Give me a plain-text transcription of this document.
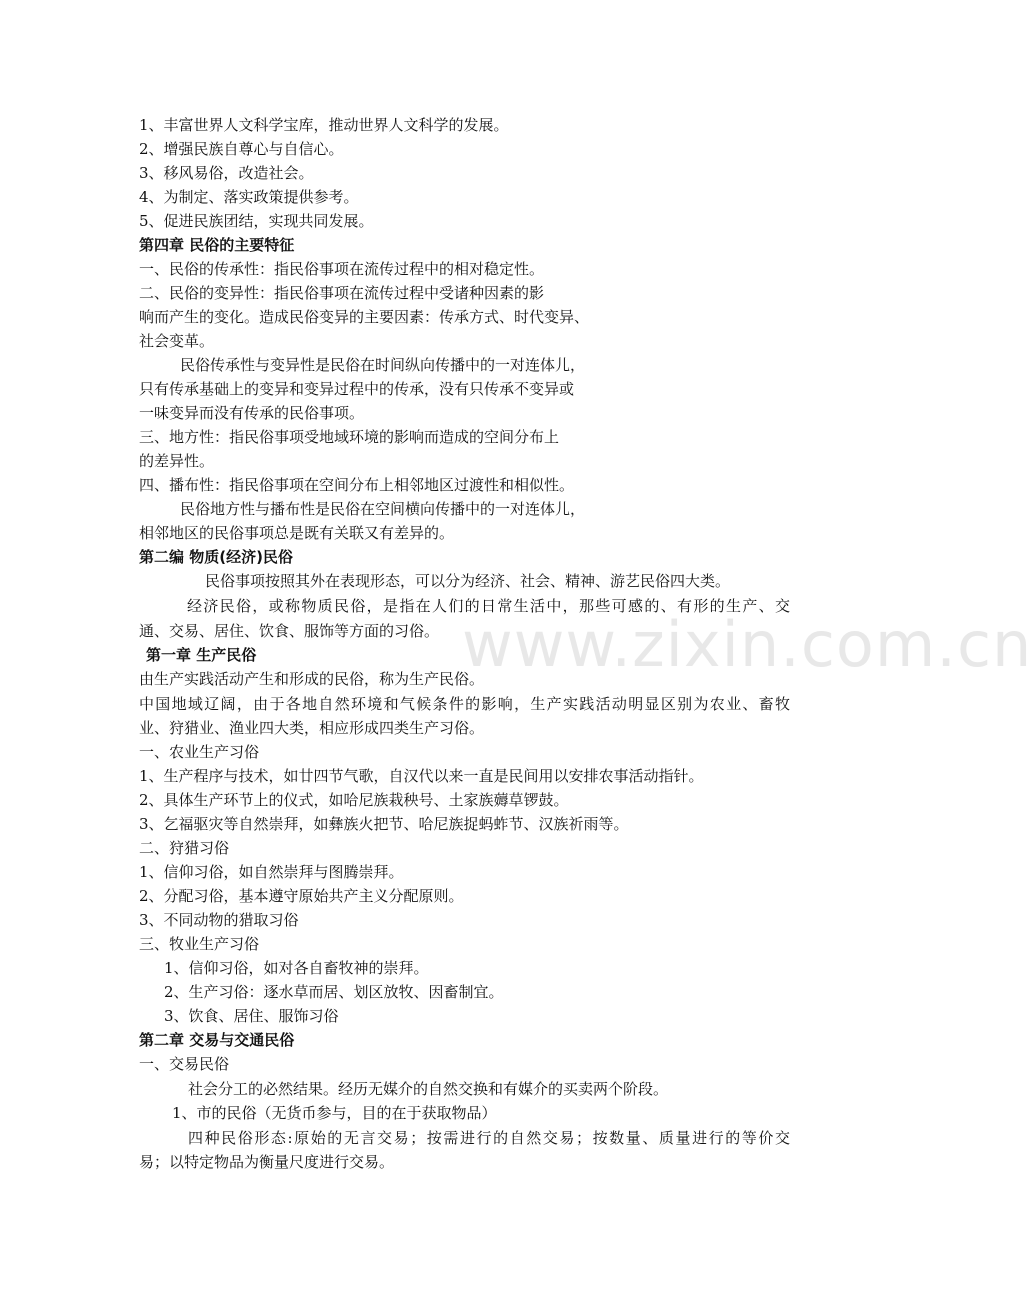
www.zixin.com.cn
1、丰富世界人文科学宝库，推动世界人文科学的发展。
2、增强民族自尊心与自信心。
3、移风易俗，改造社会。
4、为制定、落实政策提供参考。
5、促进民族团结，实现共同发展。
第四章 民俗的主要特征
一、民俗的传承性：指民俗事项在流传过程中的相对稳定性。
二、民俗的变异性：指民俗事项在流传过程中受诸种因素的影
响而产生的变化。造成民俗变异的主要因素：传承方式、时代变异、
社会变革。
民俗传承性与变异性是民俗在时间纵向传播中的一对连体儿，
只有传承基础上的变异和变异过程中的传承，没有只传承不变异或
一味变异而没有传承的民俗事项。
三、地方性：指民俗事项受地域环境的影响而造成的空间分布上
的差异性。
四、播布性：指民俗事项在空间分布上相邻地区过渡性和相似性。
民俗地方性与播布性是民俗在空间横向传播中的一对连体儿，
相邻地区的民俗事项总是既有关联又有差异的。
第二编 物质(经济)民俗
民俗事项按照其外在表现形态，可以分为经济、社会、精神、游艺民俗四大类。
经济民俗，或称物质民俗，是指在人们的日常生活中，那些可感的、有形的生产、交
通、交易、居住、饮食、服饰等方面的习俗。
第一章 生产民俗
由生产实践活动产生和形成的民俗，称为生产民俗。
中国地域辽阔，由于各地自然环境和气候条件的影响，生产实践活动明显区别为农业、畜牧
业、狩猎业、渔业四大类，相应形成四类生产习俗。
一、农业生产习俗
1、生产程序与技术，如廿四节气歌，自汉代以来一直是民间用以安排农事活动指针。
2、具体生产环节上的仪式，如哈尼族栽秧号、土家族薅草锣鼓。
3、乞福驱灾等自然崇拜，如彝族火把节、哈尼族捉蚂蚱节、汉族祈雨等。
二、狩猎习俗
1、信仰习俗，如自然崇拜与图腾崇拜。
2、分配习俗，基本遵守原始共产主义分配原则。
3、不同动物的猎取习俗
三、牧业生产习俗
1、信仰习俗，如对各自畜牧神的崇拜。
2、生产习俗：逐水草而居、划区放牧、因畜制宜。
3、饮食、居住、服饰习俗
第二章 交易与交通民俗
一、交易民俗
社会分工的必然结果。经历无媒介的自然交换和有媒介的买卖两个阶段。
1、市的民俗（无货币参与，目的在于获取物品）
四种民俗形态:原始的无言交易；按需进行的自然交易；按数量、质量进行的等价交
易；以特定物品为衡量尺度进行交易。
